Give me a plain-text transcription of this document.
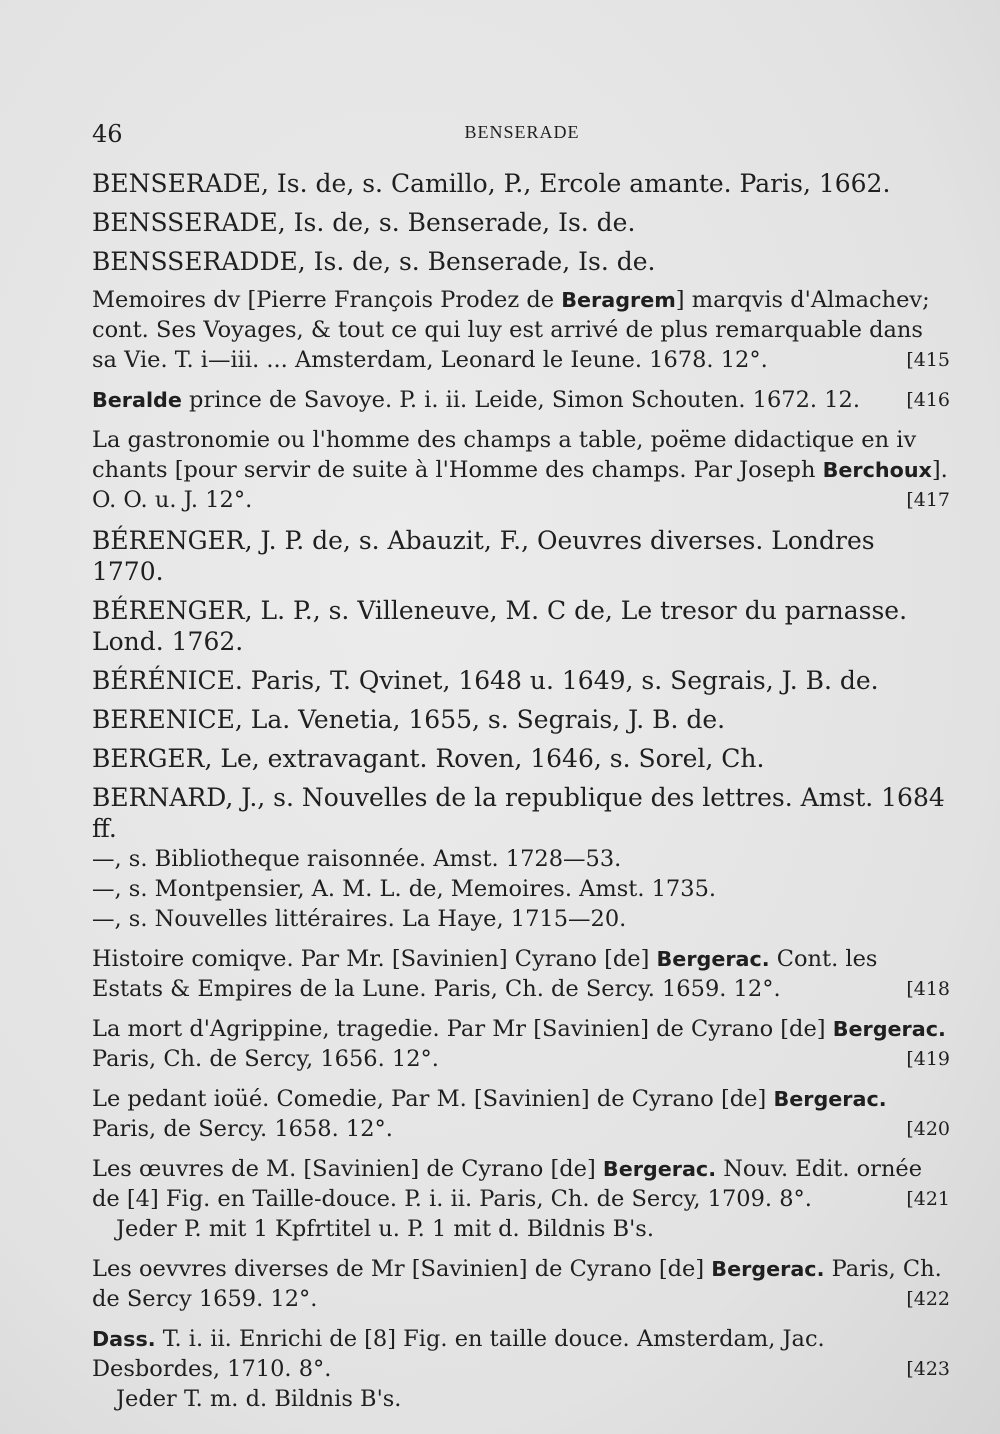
46	BENSERADE

BENSERADE, Is. de, s. Camillo, P., Ercole amante. Paris, 1662.

BENSSERADE, Is. de, s. Benserade, Is. de.

BENSSERADDE, Is. de, s. Benserade, Is. de.

Memoires dv [Pierre François Prodez de Beragrem] marqvis d'Almachev; cont. Ses Voyages, & tout ce qui luy est arrivé de plus remarquable dans sa Vie. T. i—iii. ... Amsterdam, Leonard le Ieune. 1678. 12°.	[415

Beralde prince de Savoye. P. i. ii. Leide, Simon Schouten. 1672. 12. [416

La gastronomie ou l'homme des champs a table, poëme didactique en iv chants [pour servir de suite à l'Homme des champs. Par Joseph Berchoux]. O. O. u. J. 12°.	[417

BÉRENGER, J. P. de, s. Abauzit, F., Oeuvres diverses. Londres 1770.

BÉRENGER, L. P., s. Villeneuve, M. C de, Le tresor du parnasse. Lond. 1762.

BÉRÉNICE. Paris, T. Qvinet, 1648 u. 1649, s. Segrais, J. B. de.

BERENICE, La. Venetia, 1655, s. Segrais, J. B. de.

BERGER, Le, extravagant. Roven, 1646, s. Sorel, Ch.

BERNARD, J., s. Nouvelles de la republique des lettres. Amst. 1684 ff.

—, s. Bibliotheque raisonnée. Amst. 1728—53.

—, s. Montpensier, A. M. L. de, Memoires. Amst. 1735.

—, s. Nouvelles littéraires. La Haye, 1715—20.

Histoire comiqve. Par Mr. [Savinien] Cyrano [de] Bergerac. Cont. les Estats & Empires de la Lune. Paris, Ch. de Sercy. 1659. 12°.	[418

La mort d'Agrippine, tragedie. Par Mr [Savinien] de Cyrano [de] Bergerac. Paris, Ch. de Sercy, 1656. 12°.	[419

Le pedant ioüé. Comedie, Par M. [Savinien] de Cyrano [de] Bergerac. Paris, de Sercy. 1658. 12°.	[420

Les œuvres de M. [Savinien] de Cyrano [de] Bergerac. Nouv. Edit. ornée de [4] Fig. en Taille-douce. P. i. ii. Paris, Ch. de Sercy, 1709. 8°.	[421

Jeder P. mit 1 Kpfrtitel u. P. 1 mit d. Bildnis B's.

Les oevvres diverses de Mr [Savinien] de Cyrano [de] Bergerac. Paris, Ch. de Sercy 1659. 12°.	[422

Dass. T. i. ii. Enrichi de [8] Fig. en taille douce. Amsterdam, Jac. Desbordes, 1710. 8°.	[423

Jeder T. m. d. Bildnis B's.
